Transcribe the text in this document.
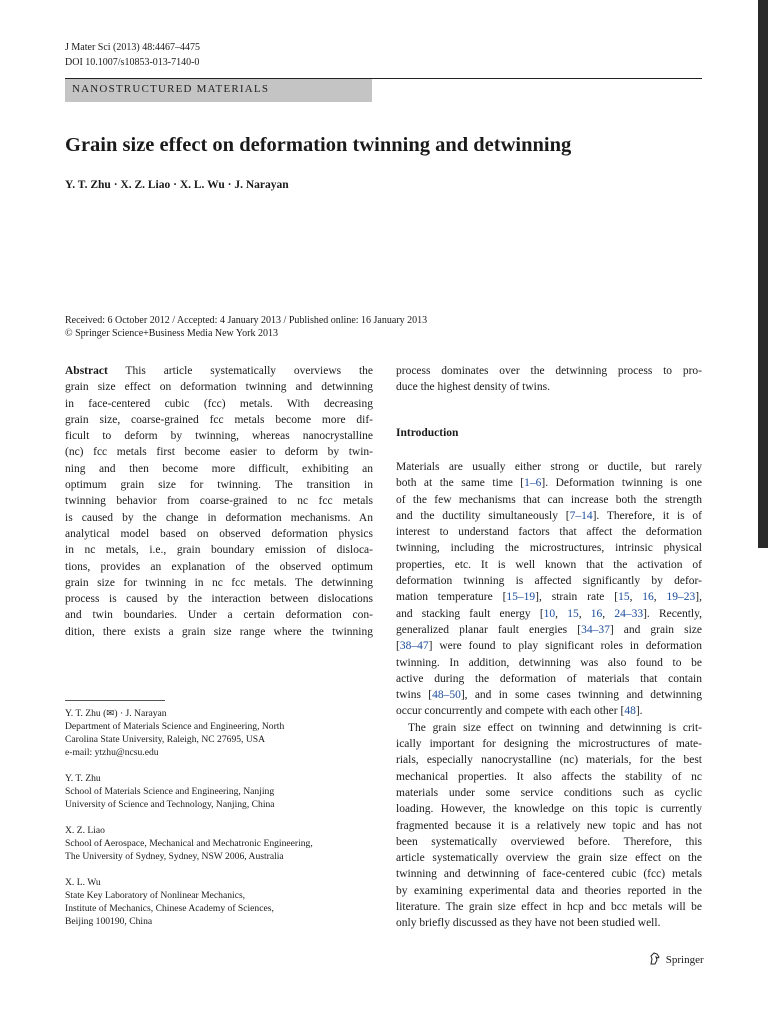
J Mater Sci (2013) 48:4467–4475
DOI 10.1007/s10853-013-7140-0
NANOSTRUCTURED MATERIALS
Grain size effect on deformation twinning and detwinning
Y. T. Zhu · X. Z. Liao · X. L. Wu · J. Narayan
Received: 6 October 2012 / Accepted: 4 January 2013 / Published online: 16 January 2013
© Springer Science+Business Media New York 2013
Abstract This article systematically overviews the
grain size effect on deformation twinning and detwinning
in face-centered cubic (fcc) metals. With decreasing
grain size, coarse-grained fcc metals become more dif-
ficult to deform by twinning, whereas nanocrystalline
(nc) fcc metals first become easier to deform by twin-
ning and then become more difficult, exhibiting an
optimum grain size for twinning. The transition in
twinning behavior from coarse-grained to nc fcc metals
is caused by the change in deformation mechanisms. An
analytical model based on observed deformation physics
in nc metals, i.e., grain boundary emission of disloca-
tions, provides an explanation of the observed optimum
grain size for twinning in nc fcc metals. The detwinning
process is caused by the interaction between dislocations
and twin boundaries. Under a certain deformation con-
dition, there exists a grain size range where the twinning
process dominates over the detwinning process to pro-
duce the highest density of twins.
Introduction
Materials are usually either strong or ductile, but rarely
both at the same time [1–6]. Deformation twinning is one
of the few mechanisms that can increase both the strength
and the ductility simultaneously [7–14]. Therefore, it is of
interest to understand factors that affect the deformation
twinning, including the microstructures, intrinsic physical
properties, etc. It is well known that the activation of
deformation twinning is affected significantly by defor-
mation temperature [15–19], strain rate [15, 16, 19–23],
and stacking fault energy [10, 15, 16, 24–33]. Recently,
generalized planar fault energies [34–37] and grain size
[38–47] were found to play significant roles in deformation
twinning. In addition, detwinning was also found to be
active during the deformation of materials that contain
twins [48–50], and in some cases twinning and detwinning
occur concurrently and compete with each other [48].
The grain size effect on twinning and detwinning is crit-
ically important for designing the microstructures of mate-
rials, especially nanocrystalline (nc) materials, for the best
mechanical properties. It also affects the stability of nc
materials under some service conditions such as cyclic
loading. However, the knowledge on this topic is currently
fragmented because it is a relatively new topic and has not
been systematically overviewed before. Therefore, this
article systematically overview the grain size effect on the
twinning and detwinning of face-centered cubic (fcc) metals
by examining experimental data and theories reported in the
literature. The grain size effect in hcp and bcc metals will be
only briefly discussed as they have not been studied well.
Y. T. Zhu (✉) · J. Narayan
Department of Materials Science and Engineering, North
Carolina State University, Raleigh, NC 27695, USA
e-mail: ytzhu@ncsu.edu
Y. T. Zhu
School of Materials Science and Engineering, Nanjing
University of Science and Technology, Nanjing, China
X. Z. Liao
School of Aerospace, Mechanical and Mechatronic Engineering,
The University of Sydney, Sydney, NSW 2006, Australia
X. L. Wu
State Key Laboratory of Nonlinear Mechanics,
Institute of Mechanics, Chinese Academy of Sciences,
Beijing 100190, China
Springer
